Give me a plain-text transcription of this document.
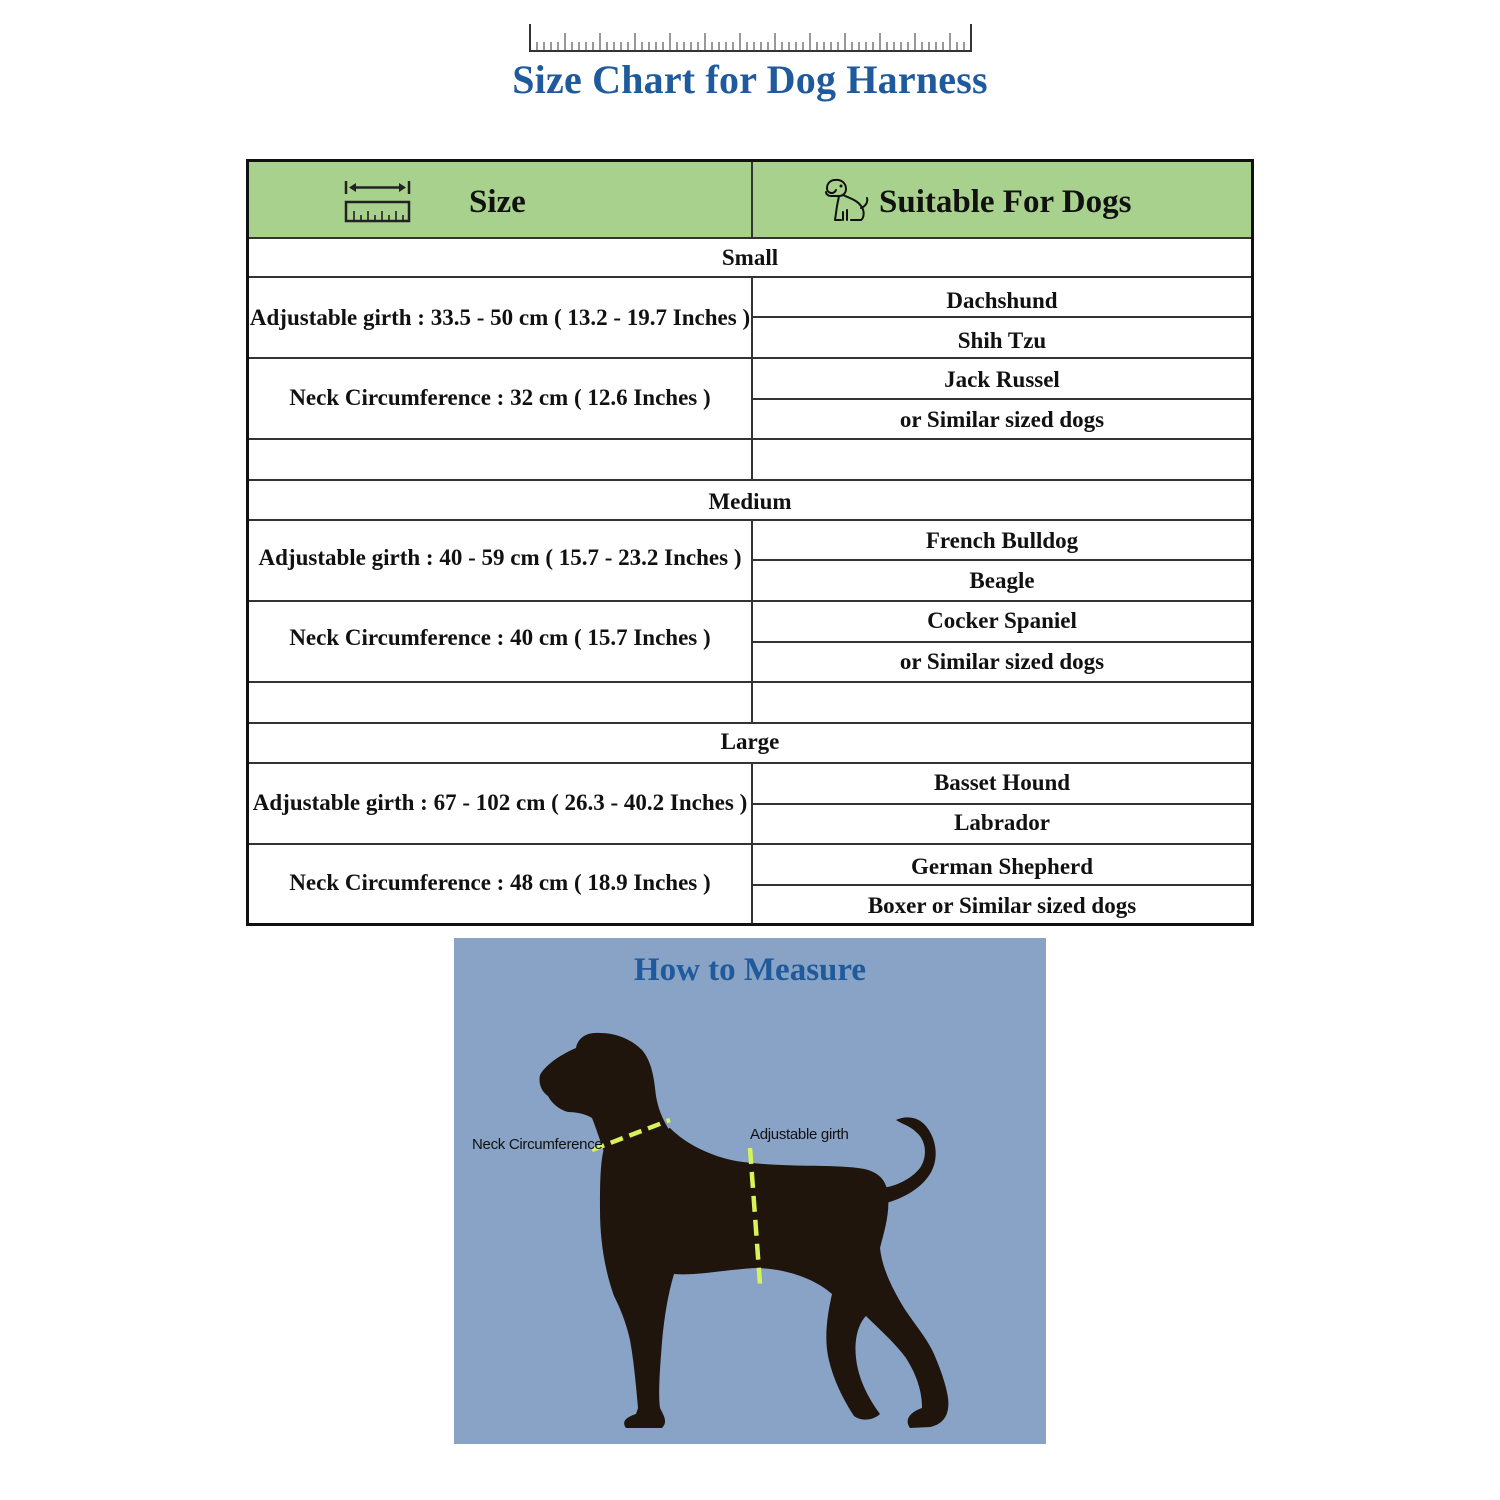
Size Chart for Dog Harness
Size	Suitable For Dogs
Small
Adjustable girth : 33.5 - 50 cm ( 13.2 - 19.7 Inches )
Neck Circumference : 32 cm ( 12.6 Inches )
Dachshund
Shih Tzu
Jack Russel
or Similar sized dogs
Medium
Adjustable girth : 40 - 59 cm ( 15.7 - 23.2 Inches )
Neck Circumference : 40 cm ( 15.7 Inches )
French Bulldog
Beagle
Cocker Spaniel
or Similar sized dogs
Large
Adjustable girth : 67 - 102 cm ( 26.3 - 40.2 Inches )
Neck Circumference : 48 cm ( 18.9 Inches )
Basset Hound
Labrador
German Shepherd
Boxer or Similar sized dogs
How to Measure
Neck Circumference
Adjustable girth
